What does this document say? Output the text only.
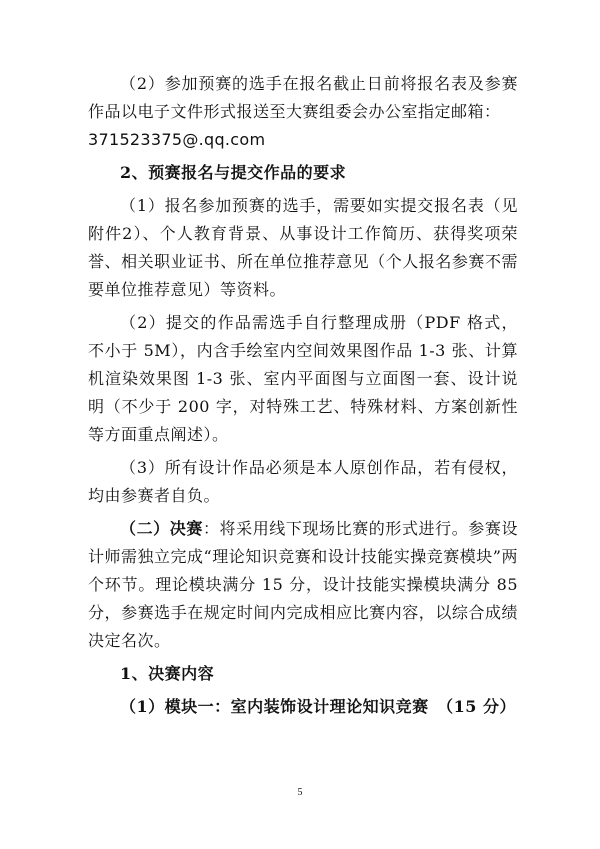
（2）参加预赛的选手在报名截止日前将报名表及参赛作品以电子文件形式报送至大赛组委会办公室指定邮箱：

371523375@.qq.com

2、预赛报名与提交作品的要求

（1）报名参加预赛的选手，需要如实提交报名表（见附件2）、个人教育背景、从事设计工作简历、获得奖项荣誉、相关职业证书、所在单位推荐意见（个人报名参赛不需要单位推荐意见）等资料。

（2）提交的作品需选手自行整理成册（PDF 格式，不小于 5M），内含手绘室内空间效果图作品 1-3 张、计算机渲染效果图 1-3 张、室内平面图与立面图一套、设计说明（不少于 200 字，对特殊工艺、特殊材料、方案创新性等方面重点阐述）。

（3）所有设计作品必须是本人原创作品，若有侵权，均由参赛者自负。

（二）决赛：将采用线下现场比赛的形式进行。参赛设计师需独立完成“理论知识竞赛和设计技能实操竞赛模块”两个环节。理论模块满分 15 分，设计技能实操模块满分 85 分，参赛选手在规定时间内完成相应比赛内容，以综合成绩决定名次。

1、决赛内容

（1）模块一：室内装饰设计理论知识竞赛　（15 分）

5
